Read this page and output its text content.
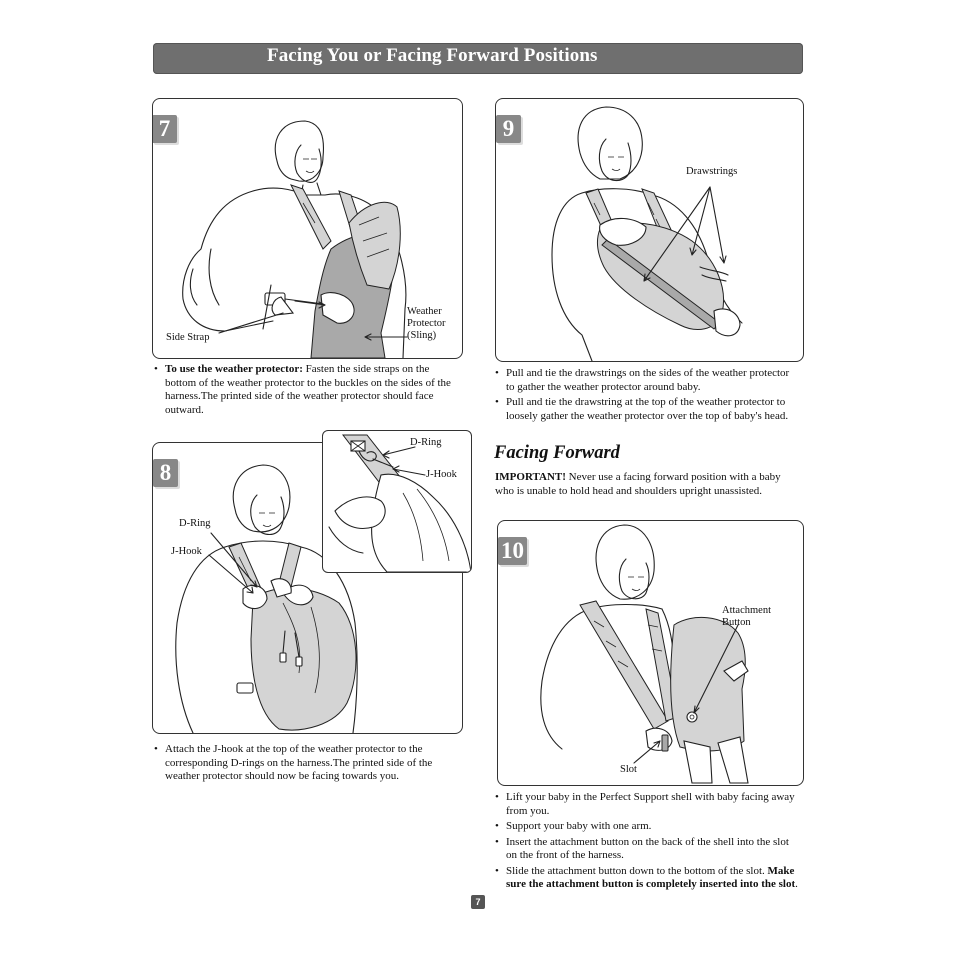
Facing You or Facing Forward Positions
7
Side Strap
Weather
Protector
(Sling)
• To use the weather protector: Fasten the side straps on the bottom of the weather protector to the buckles on the sides of the harness.The printed side of the weather protector should face outward.
8
D-Ring
J-Hook
D-Ring
J-Hook
• Attach the J-hook at the top of the weather protector to the corresponding D-rings on the harness.The printed side of the weather protector should now be facing towards you.
9
Drawstrings
• Pull and tie the drawstrings on the sides of the weather protector to gather the weather protector around baby.
• Pull and tie the drawstring at the top of the weather protector to loosely gather the weather protector over the top of baby's head.
Facing Forward

IMPORTANT! Never use a facing forward position with a baby who is unable to hold head and shoulders upright unassisted.

10
Attachment
Button
Slot
• Lift your baby in the Perfect Support shell with baby facing away from you.
• Support your baby with one arm.
• Insert the attachment button on the back of the shell into the slot on the front of the harness.
• Slide the attachment button down to the bottom of the slot. Make sure the attachment button is completely inserted into the slot.
7
